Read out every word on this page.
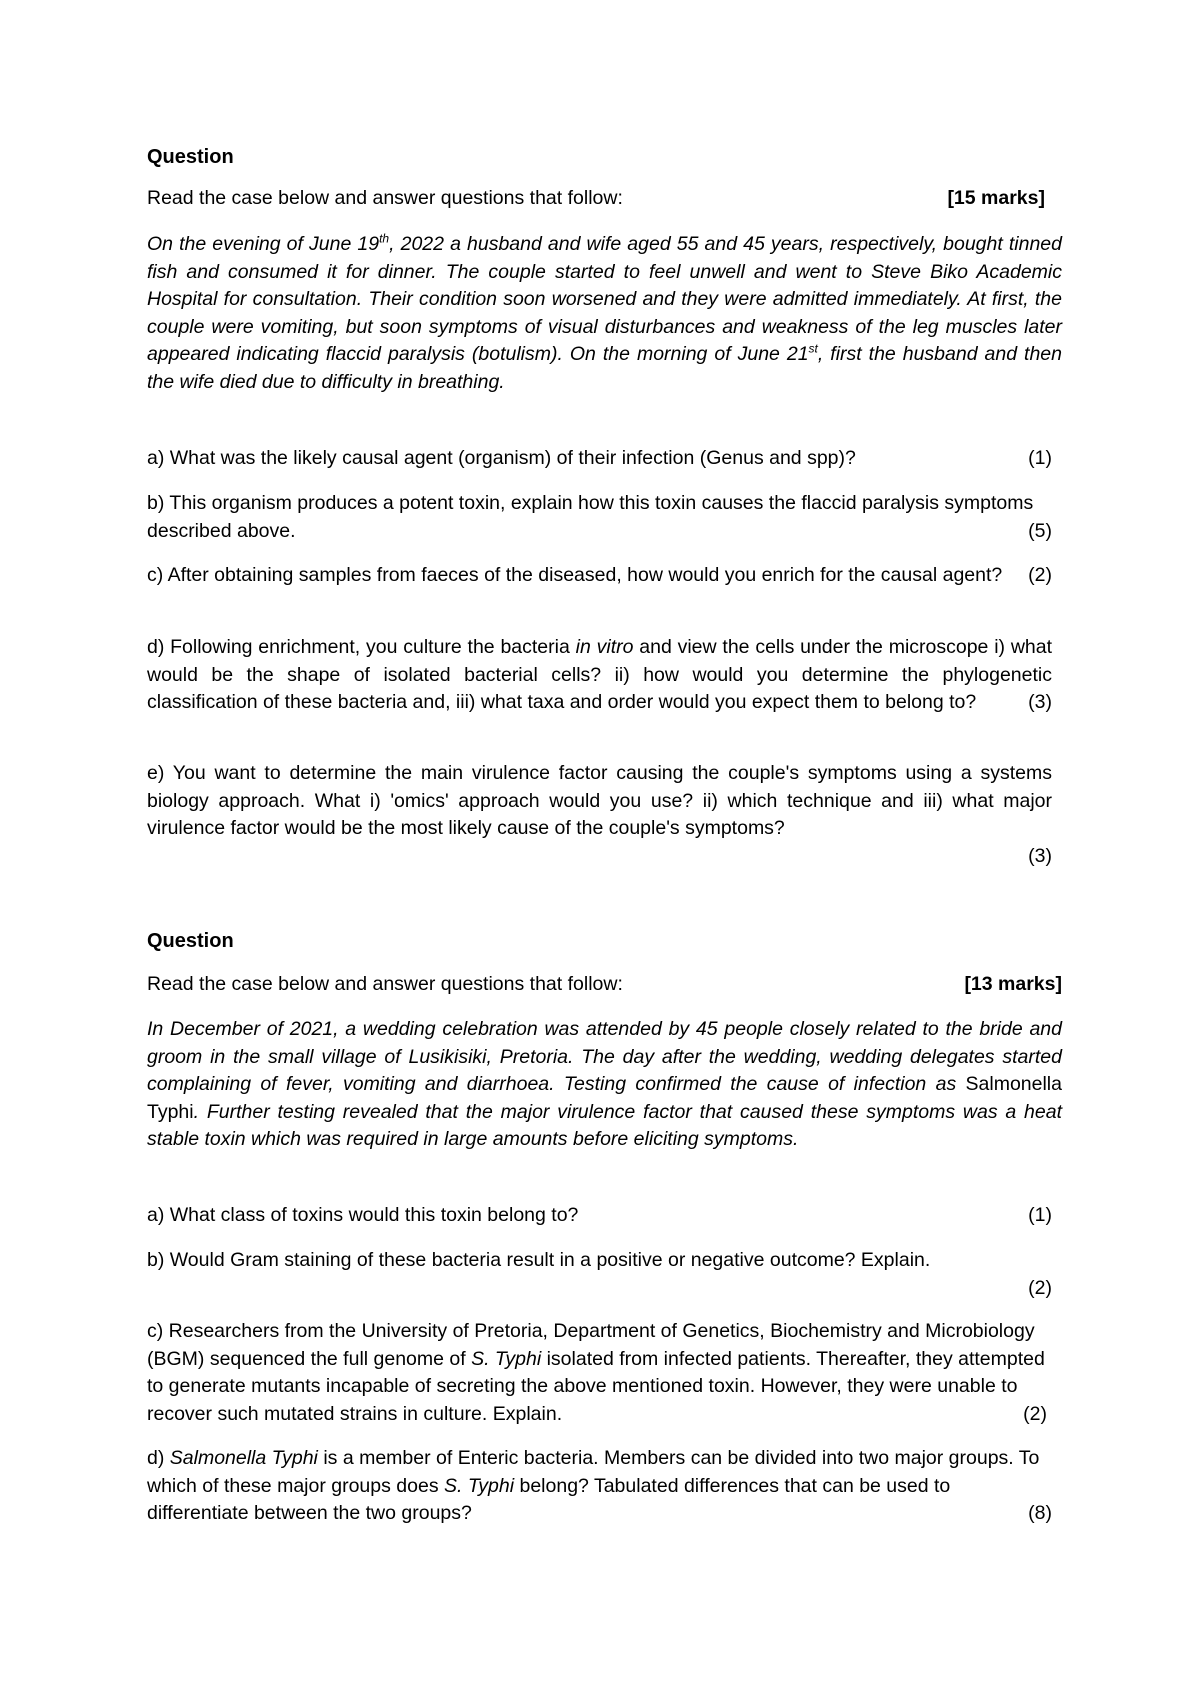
Question
Read the case below and answer questions that follow:	[15 marks]
On the evening of June 19th, 2022 a husband and wife aged 55 and 45 years, respectively, bought tinned fish and consumed it for dinner. The couple started to feel unwell and went to Steve Biko Academic Hospital for consultation. Their condition soon worsened and they were admitted immediately. At first, the couple were vomiting, but soon symptoms of visual disturbances and weakness of the leg muscles later appeared indicating flaccid paralysis (botulism). On the morning of June 21st, first the husband and then the wife died due to difficulty in breathing.
(1)
a) What was the likely causal agent (organism) of their infection (Genus and spp)?
b) This organism produces a potent toxin, explain how this toxin causes the flaccid paralysis symptoms described above.	(5)
c) After obtaining samples from faeces of the diseased, how would you enrich for the causal agent? (2)
d) Following enrichment, you culture the bacteria in vitro and view the cells under the microscope i) what would be the shape of isolated bacterial cells? ii) how would you determine the phylogenetic classification of these bacteria and, iii) what taxa and order would you expect them to belong to?	(3)
e) You want to determine the main virulence factor causing the couple's symptoms using a systems biology approach. What i) 'omics' approach would you use? ii) which technique and iii) what major virulence factor would be the most likely cause of the couple's symptoms?
(3)
Question
Read the case below and answer questions that follow:	[13 marks]
In December of 2021, a wedding celebration was attended by 45 people closely related to the bride and groom in the small village of Lusikisiki, Pretoria. The day after the wedding, wedding delegates started complaining of fever, vomiting and diarrhoea. Testing confirmed the cause of infection as Salmonella Typhi. Further testing revealed that the major virulence factor that caused these symptoms was a heat stable toxin which was required in large amounts before eliciting symptoms.
(1)
a) What class of toxins would this toxin belong to?
b) Would Gram staining of these bacteria result in a positive or negative outcome? Explain.
(2)
c) Researchers from the University of Pretoria, Department of Genetics, Biochemistry and Microbiology (BGM) sequenced the full genome of S. Typhi isolated from infected patients. Thereafter, they attempted to generate mutants incapable of secreting the above mentioned toxin. However, they were unable to recover such mutated strains in culture. Explain.	(2)
d) Salmonella Typhi is a member of Enteric bacteria. Members can be divided into two major groups. To which of these major groups does S. Typhi belong? Tabulated differences that can be used to differentiate between the two groups?	(8)
